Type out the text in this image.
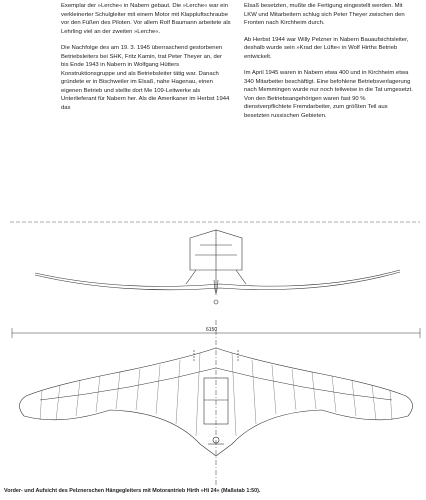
Exemplar der »Lerche« in Nabern gebaut. Die »Lerche« war ein verkleinerter Schulgleiter mit einem Motor mit Klappluftschraube vor den Füßen des Piloten. Vor allem Rolf Baumann arbeitete als Lehrling viel an der zweiten »Lerche«.

Die Nachfolge des am 19. 3. 1945 überraschend gestorbenen Betriebsleiters bei SHK, Fritz Kamin, trat Peter Theyer an, der bis Ende 1943 in Nabern in Wolfgang Hütters Konstruktionsgruppe und als Betriebsleiter tätig war. Danach gründete er in Bischweiler im Elsaß, nahe Hagenau, einen eigenen Betrieb und stellte dort Me 109-Leitwerke als Unterlieferant für Nabern her. Als die Amerikaner im Herbst 1944 das

Elsaß besetzten, mußte die Fertigung eingestellt werden. Mit LKW und Mitarbeitern schlug sich Peter Theyer zwischen den Fronten nach Kirchheim durch.

Ab Herbst 1944 war Willy Pelzner in Nabern Bauaufsichtsleiter, deshalb wurde sein »Krad der Lüfte« in Wolf Hirths Betrieb entwickelt.

Im April 1945 waren in Nabern etwa 400 und in Kirchheim etwa 340 Mitarbeiter beschäftigt. Eine befohlene Betriebsverlagerung nach Memmingen wurde nur noch teilweise in die Tat umgesetzt. Von den Betriebsangehörigen waren fast 90 % dienstverpflichtete Fremdarbeiter, zum größten Teil aus besetzten russischen Gebieten.

6150
Vorder- und Aufsicht des Pelznerschen Hängegleiters mit Motorantrieb Hirth »Hi 24« (Maßstab 1:50).
